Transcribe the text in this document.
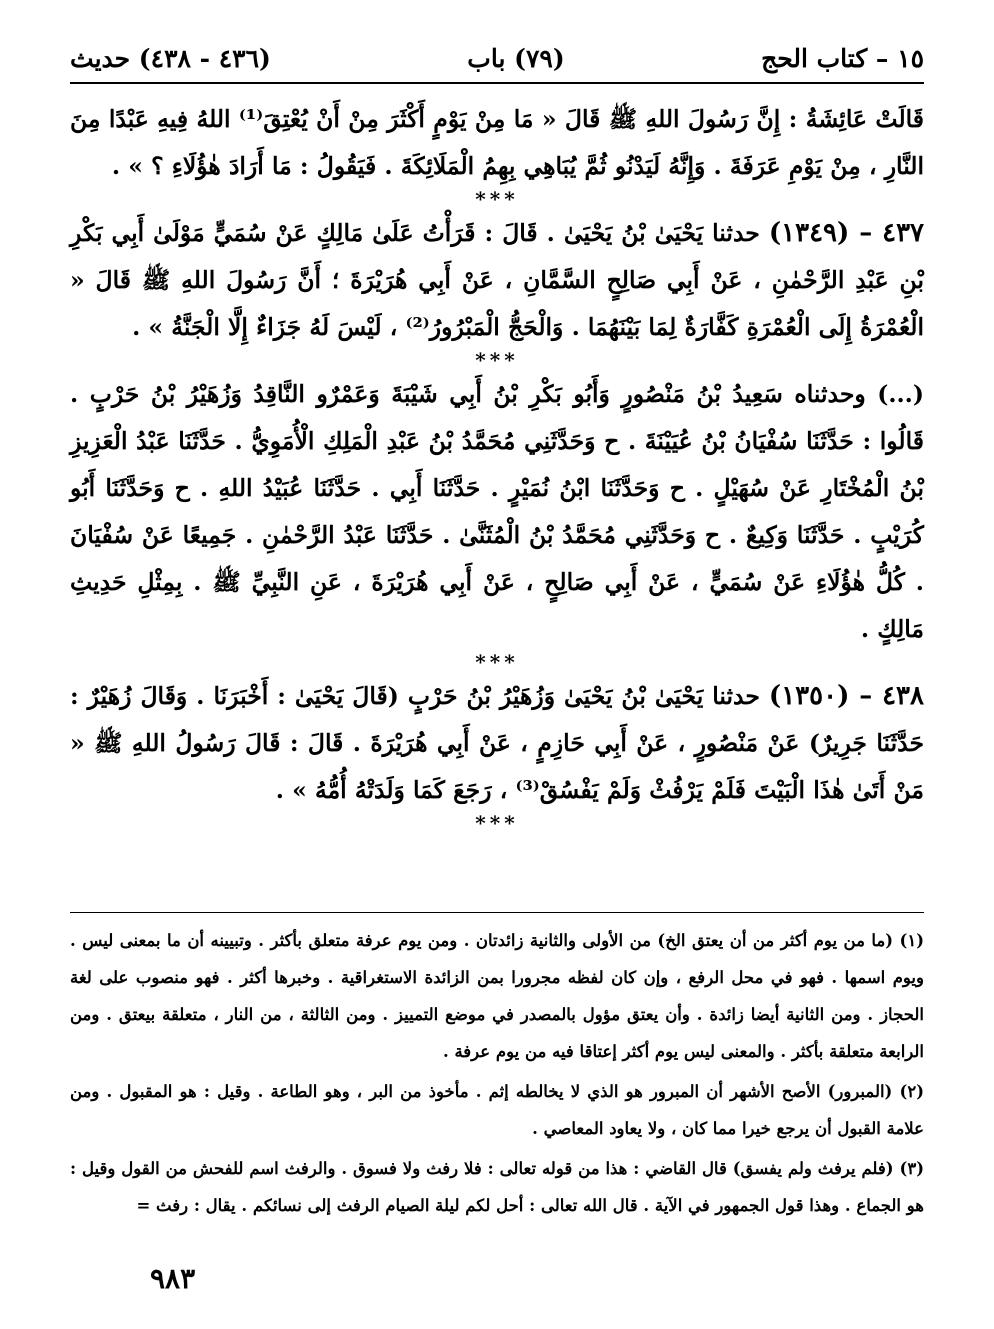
١٥ – كتاب الحج
(٧٩) باب
(٤٣٦ - ٤٣٨) حديث

قَالَتْ عَائِشَةُ : إِنَّ رَسُولَ اللهِ ﷺ قَالَ « مَا مِنْ يَوْمٍ أَكْثَرَ مِنْ أَنْ يُعْتِقَ⁽¹⁾ اللهُ فِيهِ عَبْدًا مِنَ النَّارِ ، مِنْ يَوْمِ عَرَفَةَ . وَإِنَّهُ لَيَدْنُو ثُمَّ يُبَاهِي بِهِمُ الْمَلَائِكَةَ . فَيَقُولُ : مَا أَرَادَ هٰؤُلَاءِ ؟ » .

***

٤٣٧ – (١٣٤٩) حدثنا يَحْيَىٰ بْنُ يَحْيَىٰ . قَالَ : قَرَأْتُ عَلَىٰ مَالِكٍ عَنْ سُمَيٍّ مَوْلَىٰ أَبِي بَكْرِ بْنِ عَبْدِ الرَّحْمٰنِ ، عَنْ أَبِي صَالِحٍ السَّمَّانِ ، عَنْ أَبِي هُرَيْرَةَ ؛ أَنَّ رَسُولَ اللهِ ﷺ قَالَ « الْعُمْرَةُ إِلَى الْعُمْرَةِ كَفَّارَةٌ لِمَا بَيْنَهُمَا . وَالْحَجُّ الْمَبْرُورُ⁽²⁾ ، لَيْسَ لَهُ جَزَاءٌ إِلَّا الْجَنَّةُ » .

***

(...) وحدثناه سَعِيدُ بْنُ مَنْصُورٍ وَأَبُو بَكْرِ بْنُ أَبِي شَيْبَةَ وَعَمْرٌو النَّاقِدُ وَزُهَيْرُ بْنُ حَرْبٍ . قَالُوا : حَدَّثَنَا سُفْيَانُ بْنُ عُيَيْنَةَ . ح وَحَدَّثَنِي مُحَمَّدُ بْنُ عَبْدِ الْمَلِكِ الْأُمَوِيُّ . حَدَّثَنَا عَبْدُ الْعَزِيزِ بْنُ الْمُخْتَارِ عَنْ سُهَيْلٍ . ح وَحَدَّثَنَا ابْنُ نُمَيْرٍ . حَدَّثَنَا أَبِي . حَدَّثَنَا عُبَيْدُ اللهِ . ح وَحَدَّثَنَا أَبُو كُرَيْبٍ . حَدَّثَنَا وَكِيعٌ . ح وَحَدَّثَنِي مُحَمَّدُ بْنُ الْمُثَنَّىٰ . حَدَّثَنَا عَبْدُ الرَّحْمٰنِ . جَمِيعًا عَنْ سُفْيَانَ . كُلُّ هٰؤُلَاءِ عَنْ سُمَيٍّ ، عَنْ أَبِي صَالِحٍ ، عَنْ أَبِي هُرَيْرَةَ ، عَنِ النَّبِيِّ ﷺ . بِمِثْلِ حَدِيثِ مَالِكٍ .

***

٤٣٨ – (١٣٥٠) حدثنا يَحْيَىٰ بْنُ يَحْيَىٰ وَزُهَيْرُ بْنُ حَرْبٍ (قَالَ يَحْيَىٰ : أَخْبَرَنَا . وَقَالَ زُهَيْرٌ : حَدَّثَنَا جَرِيرٌ) عَنْ مَنْصُورٍ ، عَنْ أَبِي حَازِمٍ ، عَنْ أَبِي هُرَيْرَةَ . قَالَ : قَالَ رَسُولُ اللهِ ﷺ « مَنْ أَتَىٰ هٰذَا الْبَيْتَ فَلَمْ يَرْفُثْ وَلَمْ يَفْسُقْ⁽³⁾ ، رَجَعَ كَمَا وَلَدَتْهُ أُمُّهُ » .

***

(١) (ما من يوم أكثر من أن يعتق الخ) من الأولى والثانية زائدتان . ومن يوم عرفة متعلق بأكثر . وتبيينه أن ما بمعنى ليس . ويوم اسمها . فهو في محل الرفع ، وإن كان لفظه مجرورا بمن الزائدة الاستغراقية . وخبرها أكثر . فهو منصوب على لغة الحجاز . ومن الثانية أيضا زائدة . وأن يعتق مؤول بالمصدر في موضع التمييز . ومن الثالثة ، من النار ، متعلقة بيعتق . ومن الرابعة متعلقة بأكثر . والمعنى ليس يوم أكثر إعتاقا فيه من يوم عرفة .

(٢) (المبرور) الأصح الأشهر أن المبرور هو الذي لا يخالطه إثم . مأخوذ من البر ، وهو الطاعة . وقيل : هو المقبول . ومن علامة القبول أن يرجع خيرا مما كان ، ولا يعاود المعاصي .

(٣) (فلم يرفث ولم يفسق) قال القاضي : هذا من قوله تعالى : فلا رفث ولا فسوق . والرفث اسم للفحش من القول وقيل : هو الجماع . وهذا قول الجمهور في الآية . قال الله تعالى : أحل لكم ليلة الصيام الرفث إلى نسائكم . يقال : رفث =

٩٨٣
